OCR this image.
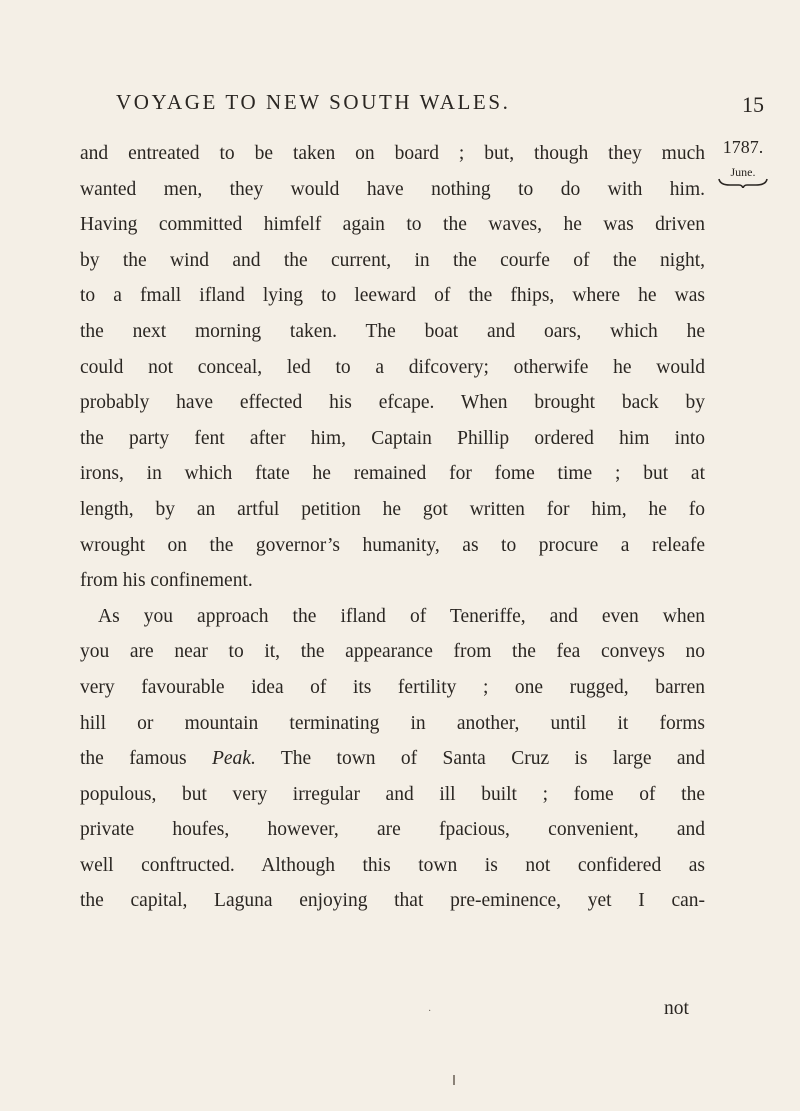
VOYAGE TO NEW SOUTH WALES.	15
1787.
June.
and entreated to be taken on board ; but, though they much
wanted men, they would have nothing to do with him.
Having committed himfelf again to the waves, he was driven
by the wind and the current, in the courfe of the night,
to a fmall ifland lying to leeward of the fhips, where he was
the next morning taken. The boat and oars, which he
could not conceal, led to a difcovery; otherwife he would
probably have effected his efcape. When brought back by
the party fent after him, Captain Phillip ordered him into
irons, in which ftate he remained for fome time ; but at
length, by an artful petition he got written for him, he fo
wrought on the governor’s humanity, as to procure a releafe
from his confinement.
As you approach the ifland of Teneriffe, and even when
you are near to it, the appearance from the fea conveys no
very favourable idea of its fertility ; one rugged, barren
hill or mountain terminating in another, until it forms
the famous Peak. The town of Santa Cruz is large and
populous, but very irregular and ill built ; fome of the
private houfes, however, are fpacious, convenient, and
well conftructed. Although this town is not confidered as
the capital, Laguna enjoying that pre-eminence, yet I can-
·	not
